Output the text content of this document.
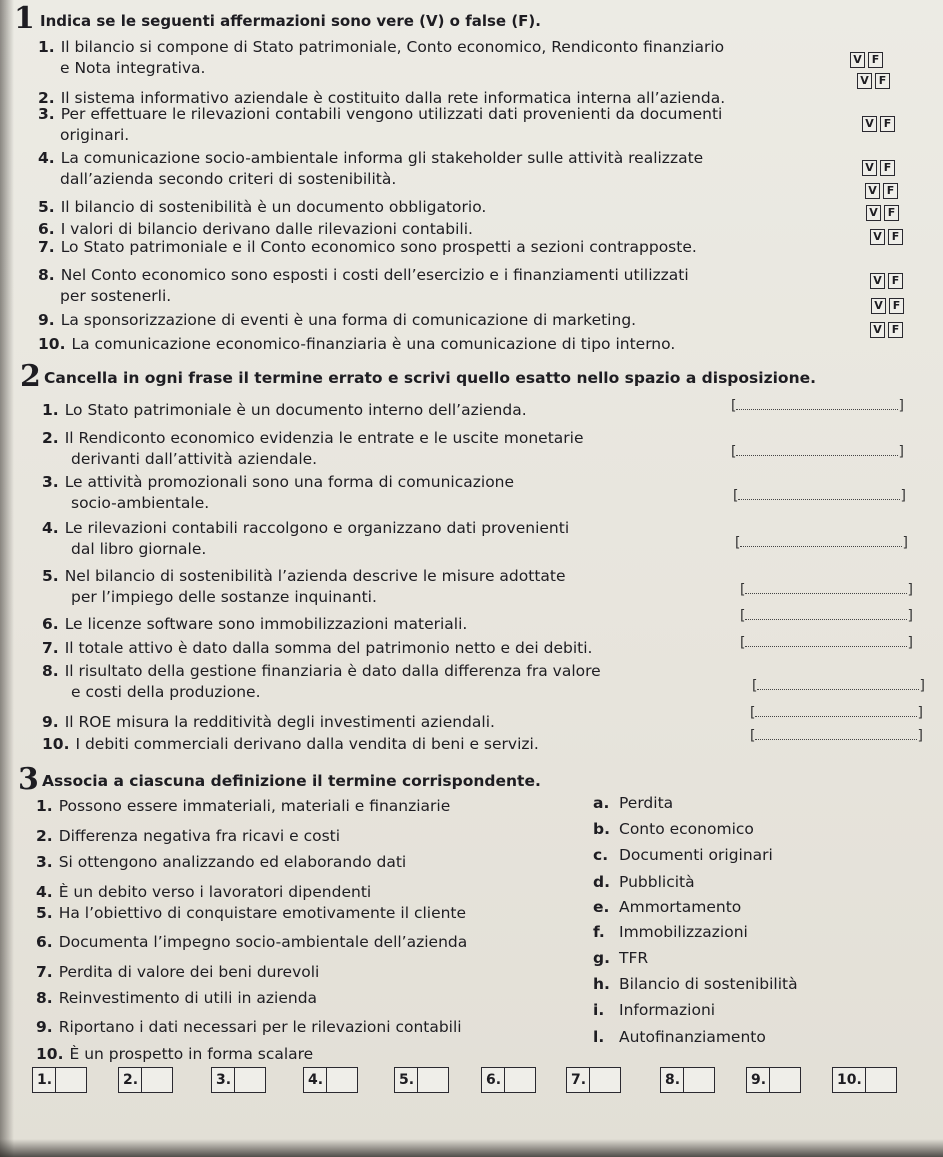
1 Indica se le seguenti affermazioni sono vere (V) o false (F).
1. Il bilancio si compone di Stato patrimoniale, Conto economico, Rendiconto finanziario
e Nota integrativa.	V F
2. Il sistema informativo aziendale è costituito dalla rete informatica interna all’azienda.
V F
3. Per effettuare le rilevazioni contabili vengono utilizzati dati provenienti da documenti
originari.
V F
4. La comunicazione socio-ambientale informa gli stakeholder sulle attività realizzate
dall’azienda secondo criteri di sostenibilità.
V F
5. Il bilancio di sostenibilità è un documento obbligatorio.
V F
6. I valori di bilancio derivano dalle rilevazioni contabili.
V F
7. Lo Stato patrimoniale e il Conto economico sono prospetti a sezioni contrapposte.
V F
8. Nel Conto economico sono esposti i costi dell’esercizio e i finanziamenti utilizzati
per sostenerli.
V F
9. La sponsorizzazione di eventi è una forma di comunicazione di marketing.
V F
10. La comunicazione economico-finanziaria è una comunicazione di tipo interno.
V F
2 Cancella in ogni frase il termine errato e scrivi quello esatto nello spazio a disposizione.
1. Lo Stato patrimoniale è un documento interno dell’azienda.	[	]
2. Il Rendiconto economico evidenzia le entrate e le uscite monetarie
derivanti dall’attività aziendale.	[	]
3. Le attività promozionali sono una forma di comunicazione
socio-ambientale.	[	]
4. Le rilevazioni contabili raccolgono e organizzano dati provenienti
dal libro giornale.	[	]
5. Nel bilancio di sostenibilità l’azienda descrive le misure adottate
per l’impiego delle sostanze inquinanti.	[	]
6. Le licenze software sono immobilizzazioni materiali.	[	]
7. Il totale attivo è dato dalla somma del patrimonio netto e dei debiti.	[	]
8. Il risultato della gestione finanziaria è dato dalla differenza fra valore
e costi della produzione.	[	]
9. Il ROE misura la redditività degli investimenti aziendali.	[	]
10. I debiti commerciali derivano dalla vendita di beni e servizi.	[	]
3 Associa a ciascuna definizione il termine corrispondente.
1. Possono essere immateriali, materiali e finanziarie
2. Differenza negativa fra ricavi e costi
3. Si ottengono analizzando ed elaborando dati
4. È un debito verso i lavoratori dipendenti
5. Ha l’obiettivo di conquistare emotivamente il cliente
6. Documenta l’impegno socio-ambientale dell’azienda
7. Perdita di valore dei beni durevoli
8. Reinvestimento di utili in azienda
9. Riportano i dati necessari per le rilevazioni contabili
10. È un prospetto in forma scalare
a. Perdita
b. Conto economico
c. Documenti originari
d. Pubblicità
e. Ammortamento
f. Immobilizzazioni
g. TFR
h. Bilancio di sostenibilità
i. Informazioni
l. Autofinanziamento
1.	2.	3.	4.	5.	6.	7.	8.	9.	10.
